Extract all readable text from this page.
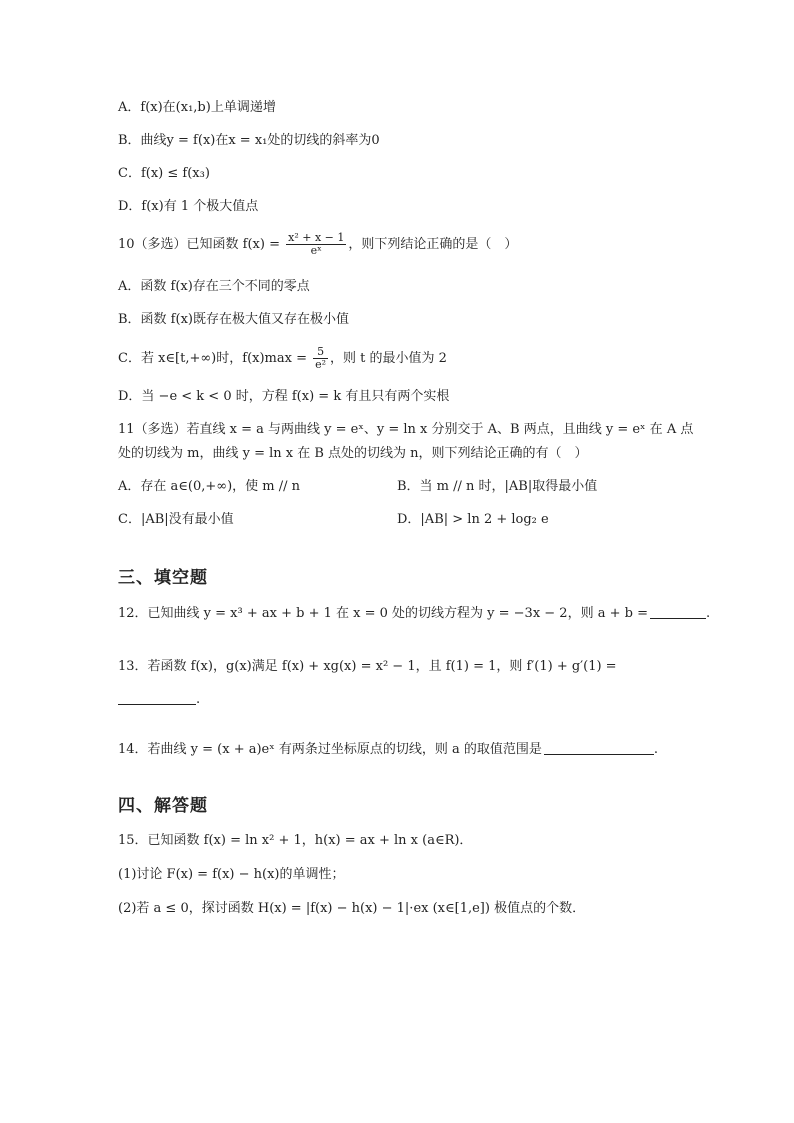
A．f(x)在(x₁,b)上单调递增
B．曲线y = f(x)在x = x₁处的切线的斜率为0
C．f(x) ≤ f(x₃)
D．f(x)有 1 个极大值点
10（多选）已知函数 $f(x) = \frac{\text{x² + x − 1}}{\text{eˣ}}$ ，则下列结论正确的是（　）
A．函数 f(x)存在三个不同的零点
B．函数 f(x)既存在极大值又存在极小值
C．若 x∈[t,+∞)时，$f(x)\max = \frac{5}{\text{e²}}$ ，则 t 的最小值为 2
D．当 −e < k < 0 时，方程 f(x) = k 有且只有两个实根
11（多选）若直线 x = a 与两曲线 y = eˣ、y = ln x 分别交于 A、B 两点，且曲线 y = eˣ 在 A 点
处的切线为 m，曲线 y = ln x 在 B 点处的切线为 n，则下列结论正确的有（　）
A．存在 a∈(0,+∞)，使 m // n	B．当 m // n 时，|AB|取得最小值
C．|AB|没有最小值	D．|AB| > ln 2 + log₂ e
三、填空题
12．已知曲线 y = x³ + ax + b + 1 在 x = 0 处的切线方程为 y = −3x − 2，则 a + b =	.
13．若函数 f(x)，g(x)满足 f(x) + xg(x) = x² − 1，且 f(1) = 1，则 f′(1) + g′(1) =
.
14．若曲线 y = (x + a)eˣ 有两条过坐标原点的切线，则 a 的取值范围是	.
四、解答题
15．已知函数 f(x) = ln x² + 1，h(x) = ax + ln x (a∈R)．
(1)讨论 F(x) = f(x) − h(x)的单调性；
(2)若 a ≤ 0，探讨函数 H(x) = |f(x) − h(x) − 1|·ex (x∈[1,e]) 极值点的个数．
